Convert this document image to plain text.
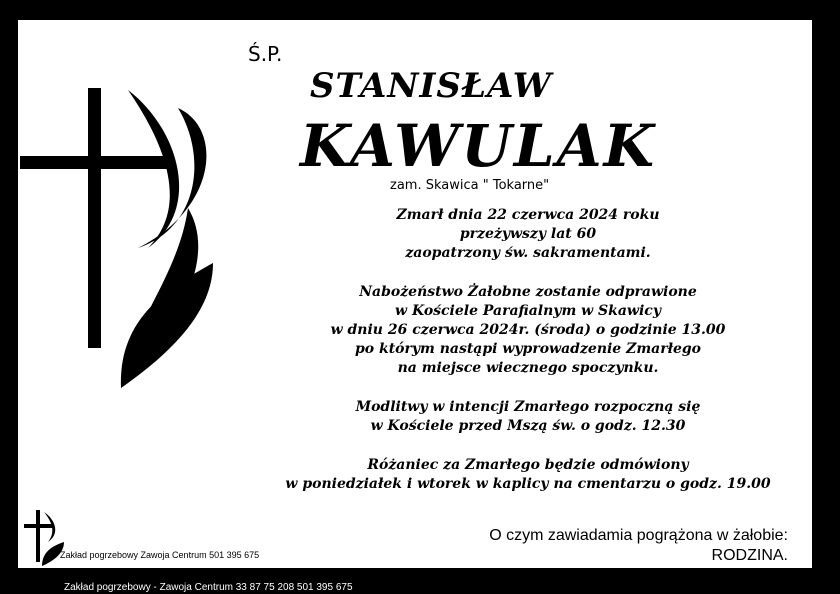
Ś.P.
STANISŁAW
KAWULAK
zam. Skawica " Tokarne"
Zmarł dnia 22 czerwca 2024 roku
przeżywszy lat 60
zaopatrzony św. sakramentami.
Nabożeństwo Żałobne zostanie odprawione
w Kościele Parafialnym w Skawicy
w dniu 26 czerwca 2024r. (środa) o godzinie 13.00
po którym nastąpi wyprowadzenie Zmarłego
na miejsce wiecznego spoczynku.
Modlitwy w intencji Zmarłego rozpoczną się
w Kościele przed Mszą św. o godz. 12.30
Różaniec za Zmarłego będzie odmówiony
w poniedziałek i wtorek w kaplicy na cmentarzu o godz. 19.00
O czym zawiadamia pogrążona w żałobie:
RODZINA.
Zakład pogrzebowy Zawoja Centrum 501 395 675
Zakład pogrzebowy - Zawoja Centrum 33 87 75 208 501 395 675
